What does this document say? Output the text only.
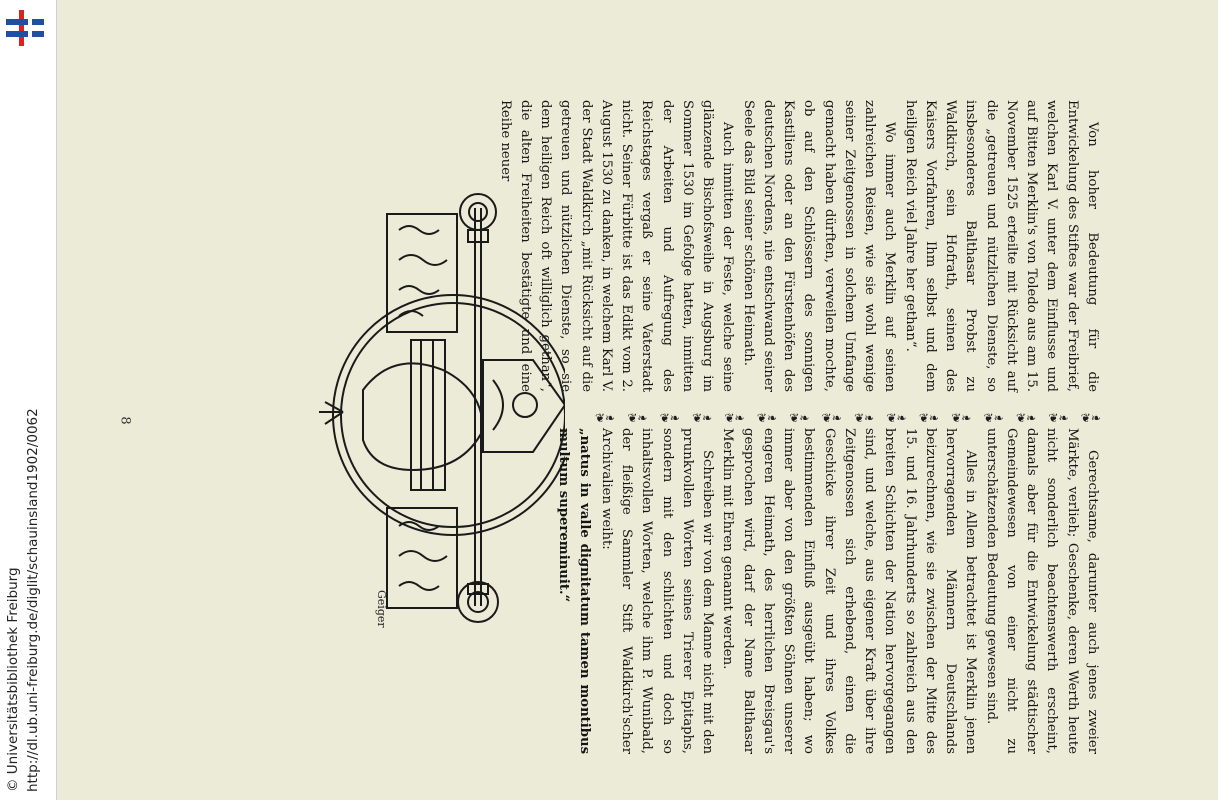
http://dl.ub.uni-freiburg.de/diglit/schauinsland1902/0062
© Universitätsbibliothek Freiburg

Von hoher Bedeutung für die Entwickelung des Stiftes war der Freibrief, welchen Karl V. unter dem Einflusse und auf Bitten Merklin's von Toledo aus am 15. November 1525 erteilte mit Rücksicht auf die „getreuen und nützlichen Dienste, so insbesonderes Balthasar Probst zu Waldkirch, sein Hofrath, seinen des Kaisers Vorfahren, Ihm selbst und dem heiligen Reich viel Jahre her gethan“.

Wo immer auch Merklin auf seinen zahlreichen Reisen, wie sie wohl wenige seiner Zeitgenossen in solchem Umfange gemacht haben dürften, verweilen mochte, ob auf den Schlössern des sonnigen Kastiliens oder an den Fürstenhöfen des deutschen Nordens, nie entschwand seiner Seele das Bild seiner schönen Heimath.

Auch inmitten der Feste, welche seine glänzende Bischofsweihe in Augsburg im Sommer 1530 im Gefolge hatten, inmitten der Arbeiten und Aufregung des Reichstages vergaß er seine Vaterstadt nicht. Seiner Fürbitte ist das Edikt vom 2. August 1530 zu danken, in welchem Karl V. der Stadt Waldkirch „mit Rücksicht auf die getreuen und nützlichen Dienste, so sie dem heiligen Reich oft williglich gethan“, die alten Freiheiten bestätigte und eine Reihe neuer

❦❧	❦❧	❦❧	❦❧	❦❧	❦❧	❦❧	❦❧	❦❧	❦❧	❦❧	❦❧	❦❧	❦❧	❦❧	❦❧

Gerechtsame, darunter auch jenes zweier Märkte, verlieh; Geschenke, deren Werth heute nicht sonderlich beachtenswerth erscheint, damals aber für die Entwickelung städtischer Gemeindewesen von einer nicht zu unterschätzenden Bedeutung gewesen sind.

Alles in Allem betrachtet ist Merklin jenen hervorragenden Männern Deutschlands beizurechnen, wie sie zwischen der Mitte des 15. und 16. Jahrhunderts so zahlreich aus den breiten Schichten der Nation hervorgegangen sind, und welche, aus eigener Kraft über ihre Zeitgenossen sich erhebend, einen die Geschicke ihrer Zeit und ihres Volkes bestimmenden Einfluß ausgeübt haben; wo immer aber von den größten Söhnen unserer engeren Heimath, des herrlichen Breisgau's gesprochen wird, darf der Name Balthasar Merklin mit Ehren genannt werden.

Schreiben wir von dem Manne nicht mit den prunkvollen Worten seines Trierer Epitaphs, sondern mit den schlichten und doch so inhaltsvollen Worten, welche ihm P. Wunibald, der fleißige Sammler Stift Waldkirch'scher Archivalien weiht:

„natus in valle dignitatum tamen montibus multum supereminuit.“

8
Geiger
